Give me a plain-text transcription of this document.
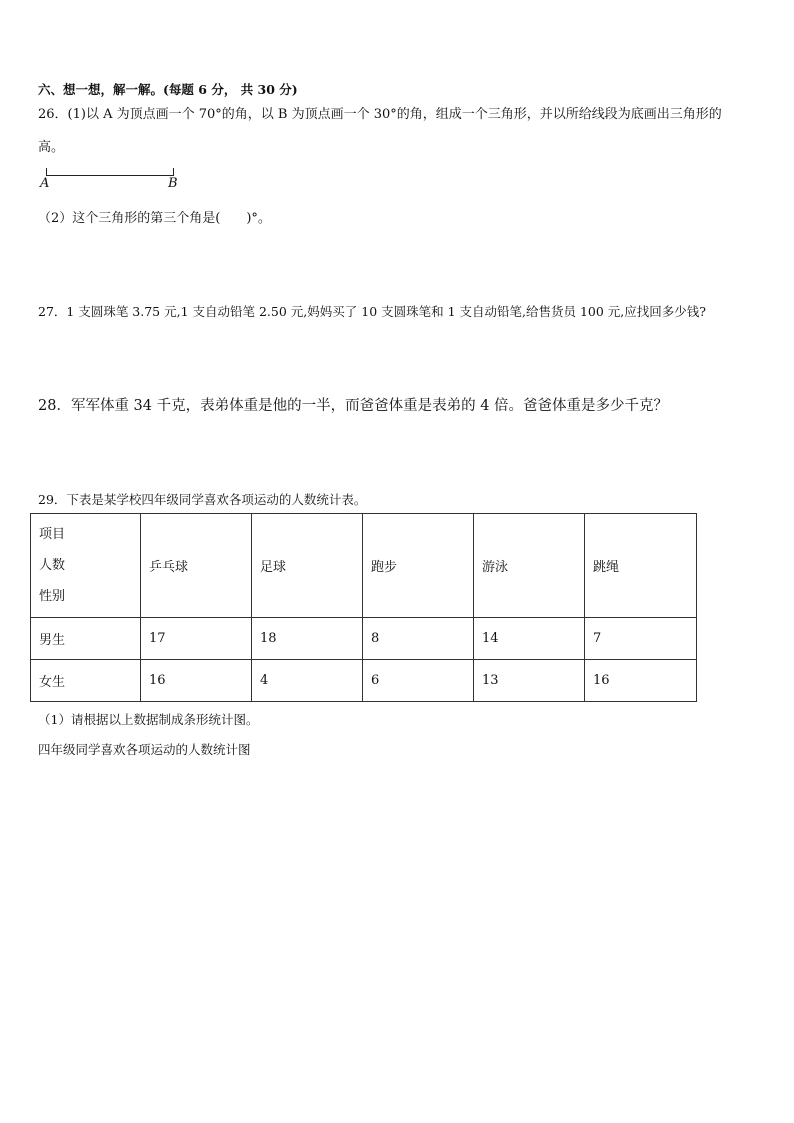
六、想一想，解一解。(每题 6 分， 共 30 分)
26．(1)以 A 为顶点画一个 70°的角，以 B 为顶点画一个 30°的角，组成一个三角形，并以所给线段为底画出三角形的
高。
A	B
（2）这个三角形的第三个角是(　　)°。
27．1 支圆珠笔 3.75 元,1 支自动铅笔 2.50 元,妈妈买了 10 支圆珠笔和 1 支自动铅笔,给售货员 100 元,应找回多少钱?
28．军军体重 34 千克，表弟体重是他的一半，而爸爸体重是表弟的 4 倍。爸爸体重是多少千克？
29．下表是某学校四年级同学喜欢各项运动的人数统计表。
项目
人数
性别	乒乓球	足球	跑步	游泳	跳绳
男生	17	18	8	14	7
女生	16	4	6	13	16
（1）请根据以上数据制成条形统计图。
四年级同学喜欢各项运动的人数统计图
